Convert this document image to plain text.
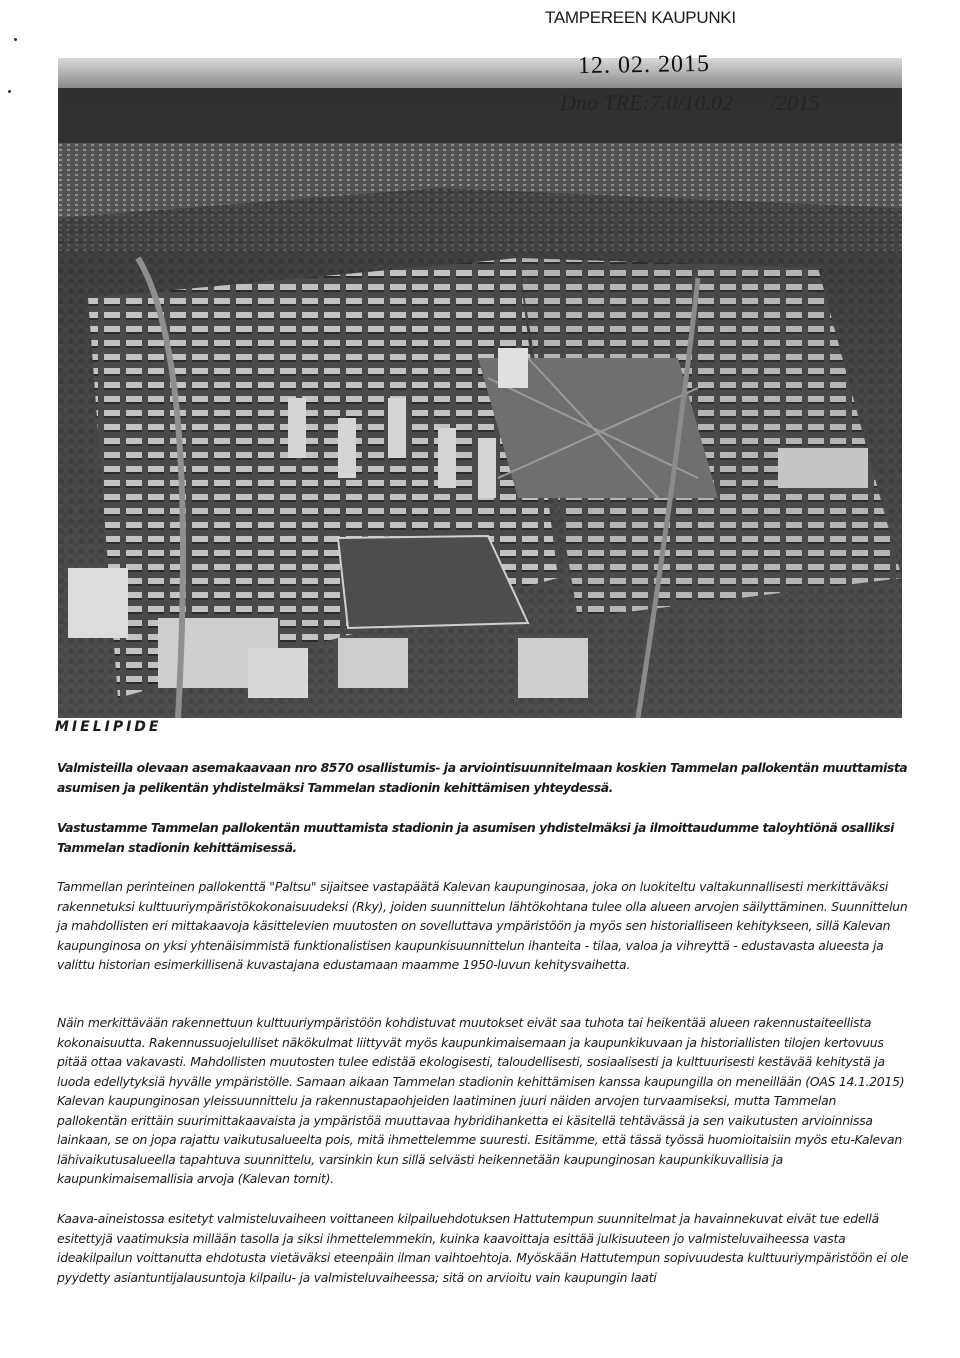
TAMPEREEN KAUPUNKI
12. 02. 2015
Dno TRE:7.0/10.02 /2015
MIELIPIDE
Valmisteilla olevaan asemakaavaan nro 8570 osallistumis- ja arviointisuunnitelmaan koskien Tammelan pallokentän muuttamista asumisen ja pelikentän yhdistelmäksi Tammelan stadionin kehittämisen yhteydessä.
Vastustamme Tammelan pallokentän muuttamista stadionin ja asumisen yhdistelmäksi ja ilmoittaudumme taloyhtiönä osalliksi Tammelan stadionin kehittämisessä.
Tammellan perinteinen pallokenttä "Paltsu" sijaitsee vastapäätä Kalevan kaupunginosaa, joka on luokiteltu valtakunnallisesti merkittäväksi rakennetuksi kulttuuriympäristökokonaisuudeksi (Rky), joiden suunnittelun lähtökohtana tulee olla alueen arvojen säilyttäminen. Suunnittelun ja mahdollisten eri mittakaavoja käsittelevien muutosten on sovelluttava ympäristöön ja myös sen historialliseen kehitykseen, sillä Kalevan kaupunginosa on yksi yhtenäisimmistä funktionalistisen kaupunkisuunnittelun ihanteita - tilaa, valoa ja vihreyttä - edustavasta alueesta ja valittu historian esimerkillisenä kuvastajana edustamaan maamme 1950-luvun kehitysvaihetta.
Näin merkittävään rakennettuun kulttuuriympäristöön kohdistuvat muutokset eivät saa tuhota tai heikentää alueen rakennustaiteellista kokonaisuutta. Rakennussuojelulliset näkökulmat liittyvät myös kaupunkimaisemaan ja kaupunkikuvaan ja historiallisten tilojen kertovuus pitää ottaa vakavasti. Mahdollisten muutosten tulee edistää ekologisesti, taloudellisesti, sosiaalisesti ja kulttuurisesti kestävää kehitystä ja luoda edellytyksiä hyvälle ympäristölle. Samaan aikaan Tammelan stadionin kehittämisen kanssa kaupungilla on meneillään (OAS 14.1.2015) Kalevan kaupunginosan yleissuunnittelu ja rakennustapaohjeiden laatiminen juuri näiden arvojen turvaamiseksi, mutta Tammelan pallokentän erittäin suurimittakaavaista ja ympäristöä muuttavaa hybridihanketta ei käsitellä tehtävässä ja sen vaikutusten arvioinnissa lainkaan, se on jopa rajattu vaikutusalueelta pois, mitä ihmettelemme suuresti. Esitämme, että tässä työssä huomioitaisiin myös etu-Kalevan lähivaikutusalueella tapahtuva suunnittelu, varsinkin kun sillä selvästi heikennetään kaupunginosan kaupunkikuvallisia ja kaupunkimaisemallisia arvoja (Kalevan tornit).
Kaava-aineistossa esitetyt valmisteluvaiheen voittaneen kilpailuehdotuksen Hattutempun suunnitelmat ja havainnekuvat eivät tue edellä esitettyjä vaatimuksia millään tasolla ja siksi ihmettelemmekin, kuinka kaavoittaja esittää julkisuuteen jo valmisteluvaiheessa vasta ideakilpailun voittanutta ehdotusta vietäväksi eteenpäin ilman vaihtoehtoja. Myöskään Hattutempun sopivuudesta kulttuuriympäristöön ei ole pyydetty asiantuntijalausuntoja kilpailu- ja valmisteluvaiheessa; sitä on arvioitu vain kaupungin laati
